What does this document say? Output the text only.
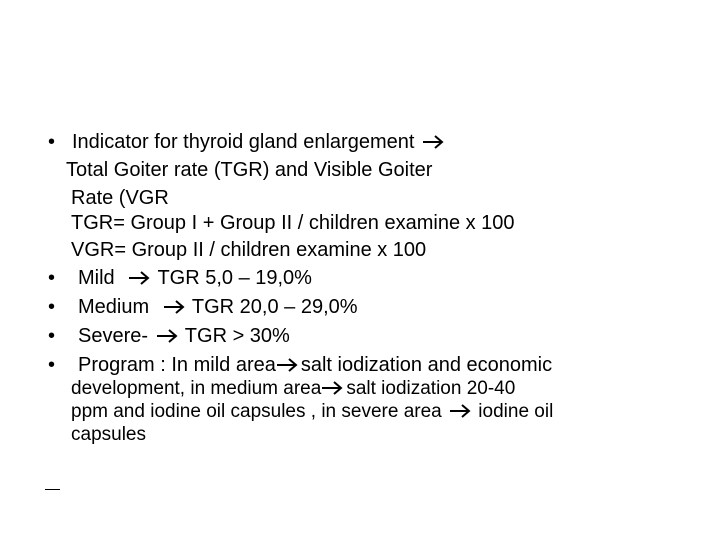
• Indicator for thyroid gland enlargement
Total Goiter rate (TGR) and Visible Goiter
Rate (VGR
TGR= Group I + Group II / children examine x 100
VGR= Group II / children examine x 100
• Mild TGR 5,0 – 19,0%
• Medium TGR 20,0 – 29,0%
• Severe- TGR > 30%
• Program : In mild area salt iodization and economic
development, in medium area salt iodization 20-40
ppm and iodine oil capsules , in severe area iodine oil
capsules
